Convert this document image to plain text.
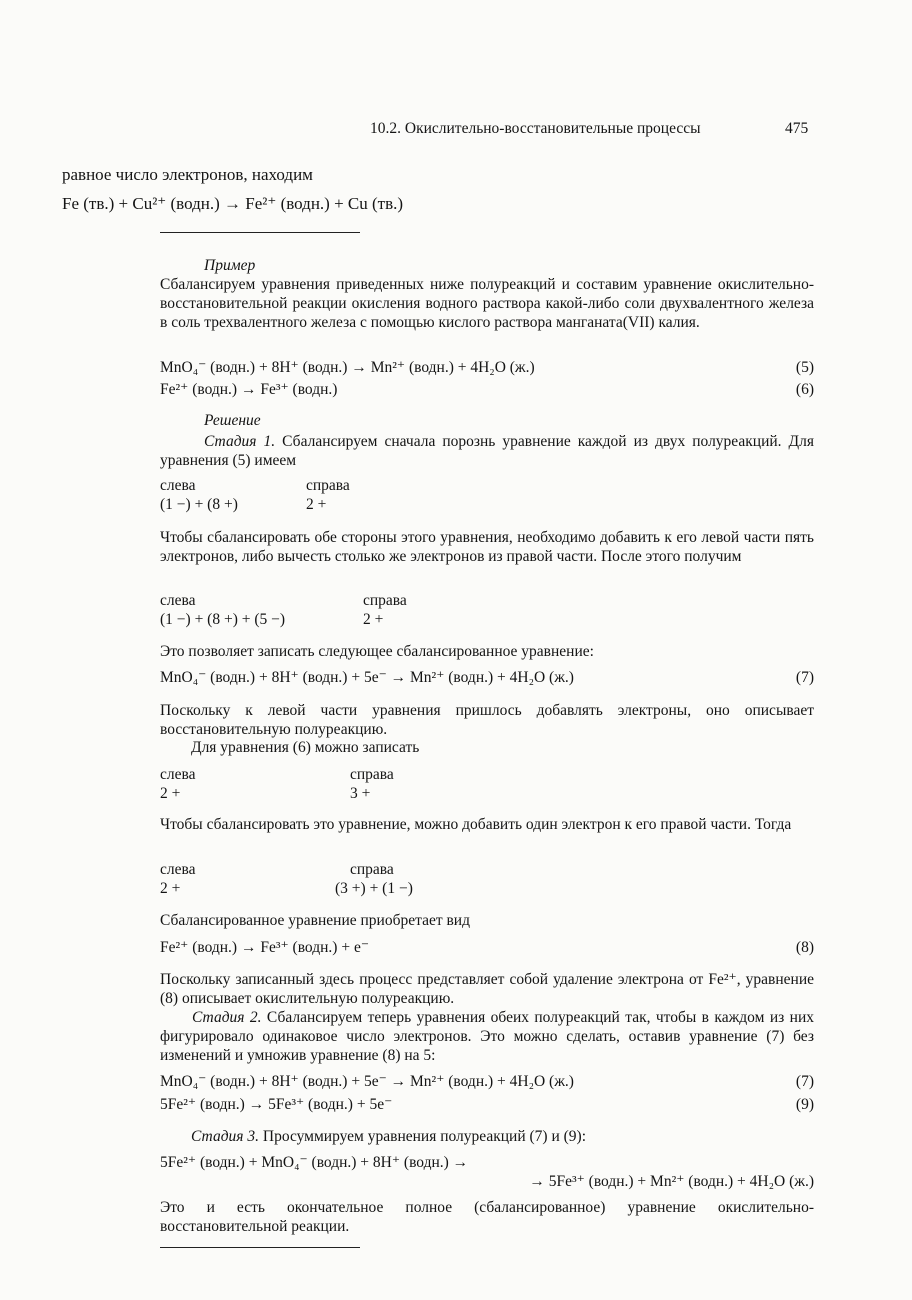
10.2. Окислительно-восстановительные процессы	475
равное число электронов, находим
Fe (тв.) + Cu²⁺ (водн.) → Fe²⁺ (водн.) + Cu (тв.)
Пример
Сбалансируем уравнения приведенных ниже полуреакций и составим уравнение окислительно-восстановительной реакции окисления водного раствора какой-либо соли двухвалентного железа в соль трехвалентного железа с помощью кислого раствора манганата(VII) калия.
MnO₄⁻ (водн.) + 8H⁺ (водн.) → Mn²⁺ (водн.) + 4H₂O (ж.)	(5)
Fe²⁺ (водн.) → Fe³⁺ (водн.)	(6)
Решение
Стадия 1. Сбалансируем сначала порознь уравнение каждой из двух полуреакций. Для уравнения (5) имеем
слева	справа
(1 −) + (8 +)	2 +
Чтобы сбалансировать обе стороны этого уравнения, необходимо добавить к его левой части пять электронов, либо вычесть столько же электронов из правой части. После этого получим
слева	справа
(1 −) + (8 +) + (5 −)	2 +
Это позволяет записать следующее сбалансированное уравнение:
MnO₄⁻ (водн.) + 8H⁺ (водн.) + 5e⁻ → Mn²⁺ (водн.) + 4H₂O (ж.)	(7)
Поскольку к левой части уравнения пришлось добавлять электроны, оно описывает восстановительную полуреакцию.
Для уравнения (6) можно записать
слева	справа
2 +	3 +
Чтобы сбалансировать это уравнение, можно добавить один электрон к его правой части. Тогда
слева	справа
2 +	(3 +) + (1 −)
Сбалансированное уравнение приобретает вид
Fe²⁺ (водн.) → Fe³⁺ (водн.) + e⁻	(8)
Поскольку записанный здесь процесс представляет собой удаление электрона от Fe²⁺, уравнение (8) описывает окислительную полуреакцию.
Стадия 2. Сбалансируем теперь уравнения обеих полуреакций так, чтобы в каждом из них фигурировало одинаковое число электронов. Это можно сделать, оставив уравнение (7) без изменений и умножив уравнение (8) на 5:
MnO₄⁻ (водн.) + 8H⁺ (водн.) + 5e⁻ → Mn²⁺ (водн.) + 4H₂O (ж.)	(7)
5Fe²⁺ (водн.) → 5Fe³⁺ (водн.) + 5e⁻	(9)
Стадия 3. Просуммируем уравнения полуреакций (7) и (9):
5Fe²⁺ (водн.) + MnO₄⁻ (водн.) + 8H⁺ (водн.) →
→ 5Fe³⁺ (водн.) + Mn²⁺ (водн.) + 4H₂O (ж.)
Это и есть окончательное полное (сбалансированное) уравнение окислительно-восстановительной реакции.
